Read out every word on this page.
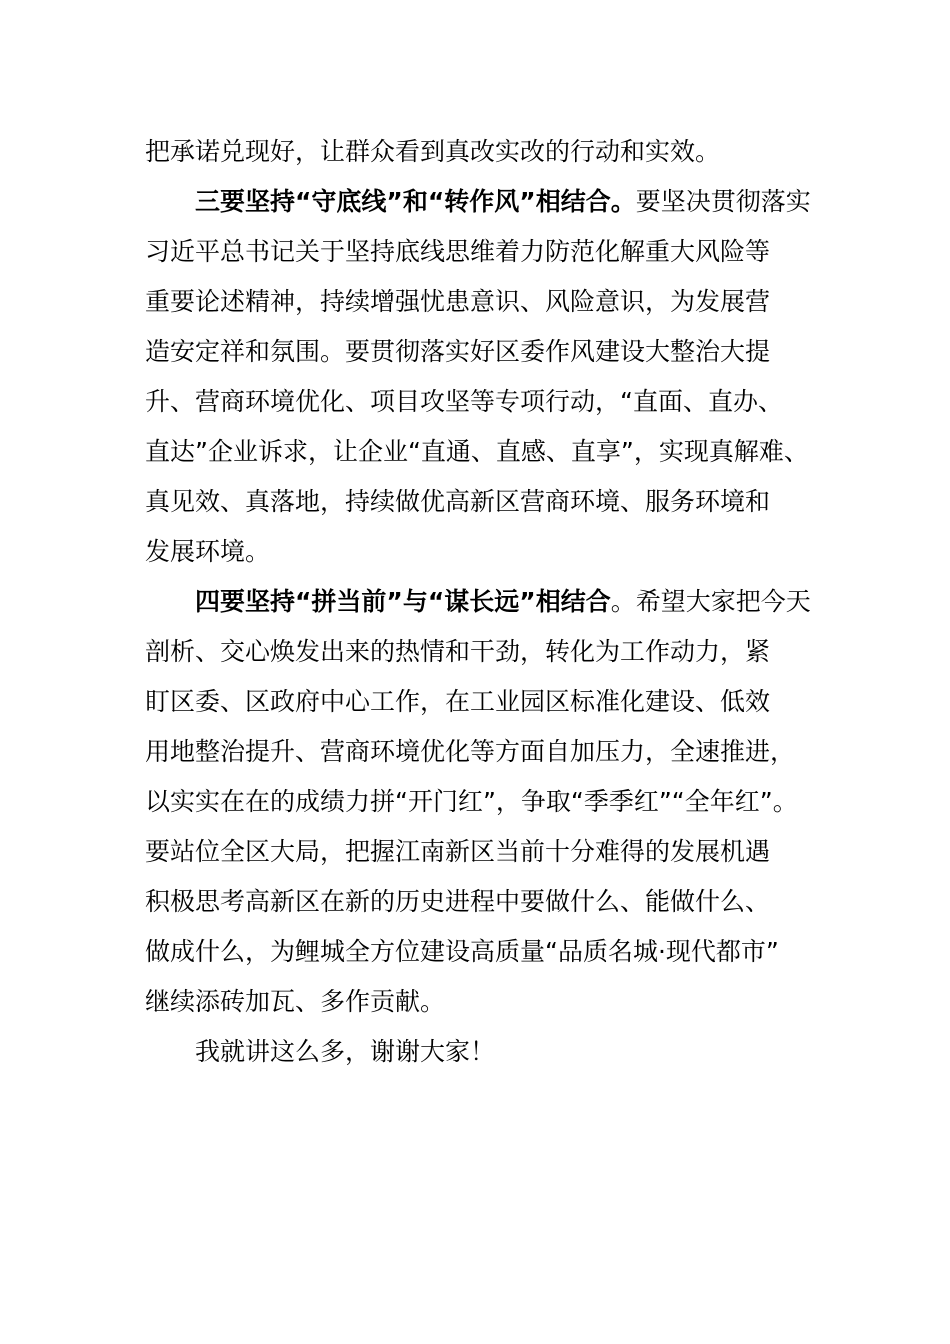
把承诺兑现好，让群众看到真改实改的行动和实效。
三要坚持“守底线”和“转作风”相结合。要坚决贯彻落实
习近平总书记关于坚持底线思维着力防范化解重大风险等
重要论述精神，持续增强忧患意识、风险意识，为发展营
造安定祥和氛围。要贯彻落实好区委作风建设大整治大提
升、营商环境优化、项目攻坚等专项行动，“直面、直办、
直达”企业诉求，让企业“直通、直感、直享”，实现真解难、
真见效、真落地，持续做优高新区营商环境、服务环境和
发展环境。
四要坚持“拼当前”与“谋长远”相结合。希望大家把今天
剖析、交心焕发出来的热情和干劲，转化为工作动力，紧
盯区委、区政府中心工作，在工业园区标准化建设、低效
用地整治提升、营商环境优化等方面自加压力，全速推进，
以实实在在的成绩力拼“开门红”，争取“季季红”“全年红”。
要站位全区大局，把握江南新区当前十分难得的发展机遇
积极思考高新区在新的历史进程中要做什么、能做什么、
做成什么，为鲤城全方位建设高质量“品质名城·现代都市”
继续添砖加瓦、多作贡献。
我就讲这么多，谢谢大家！
